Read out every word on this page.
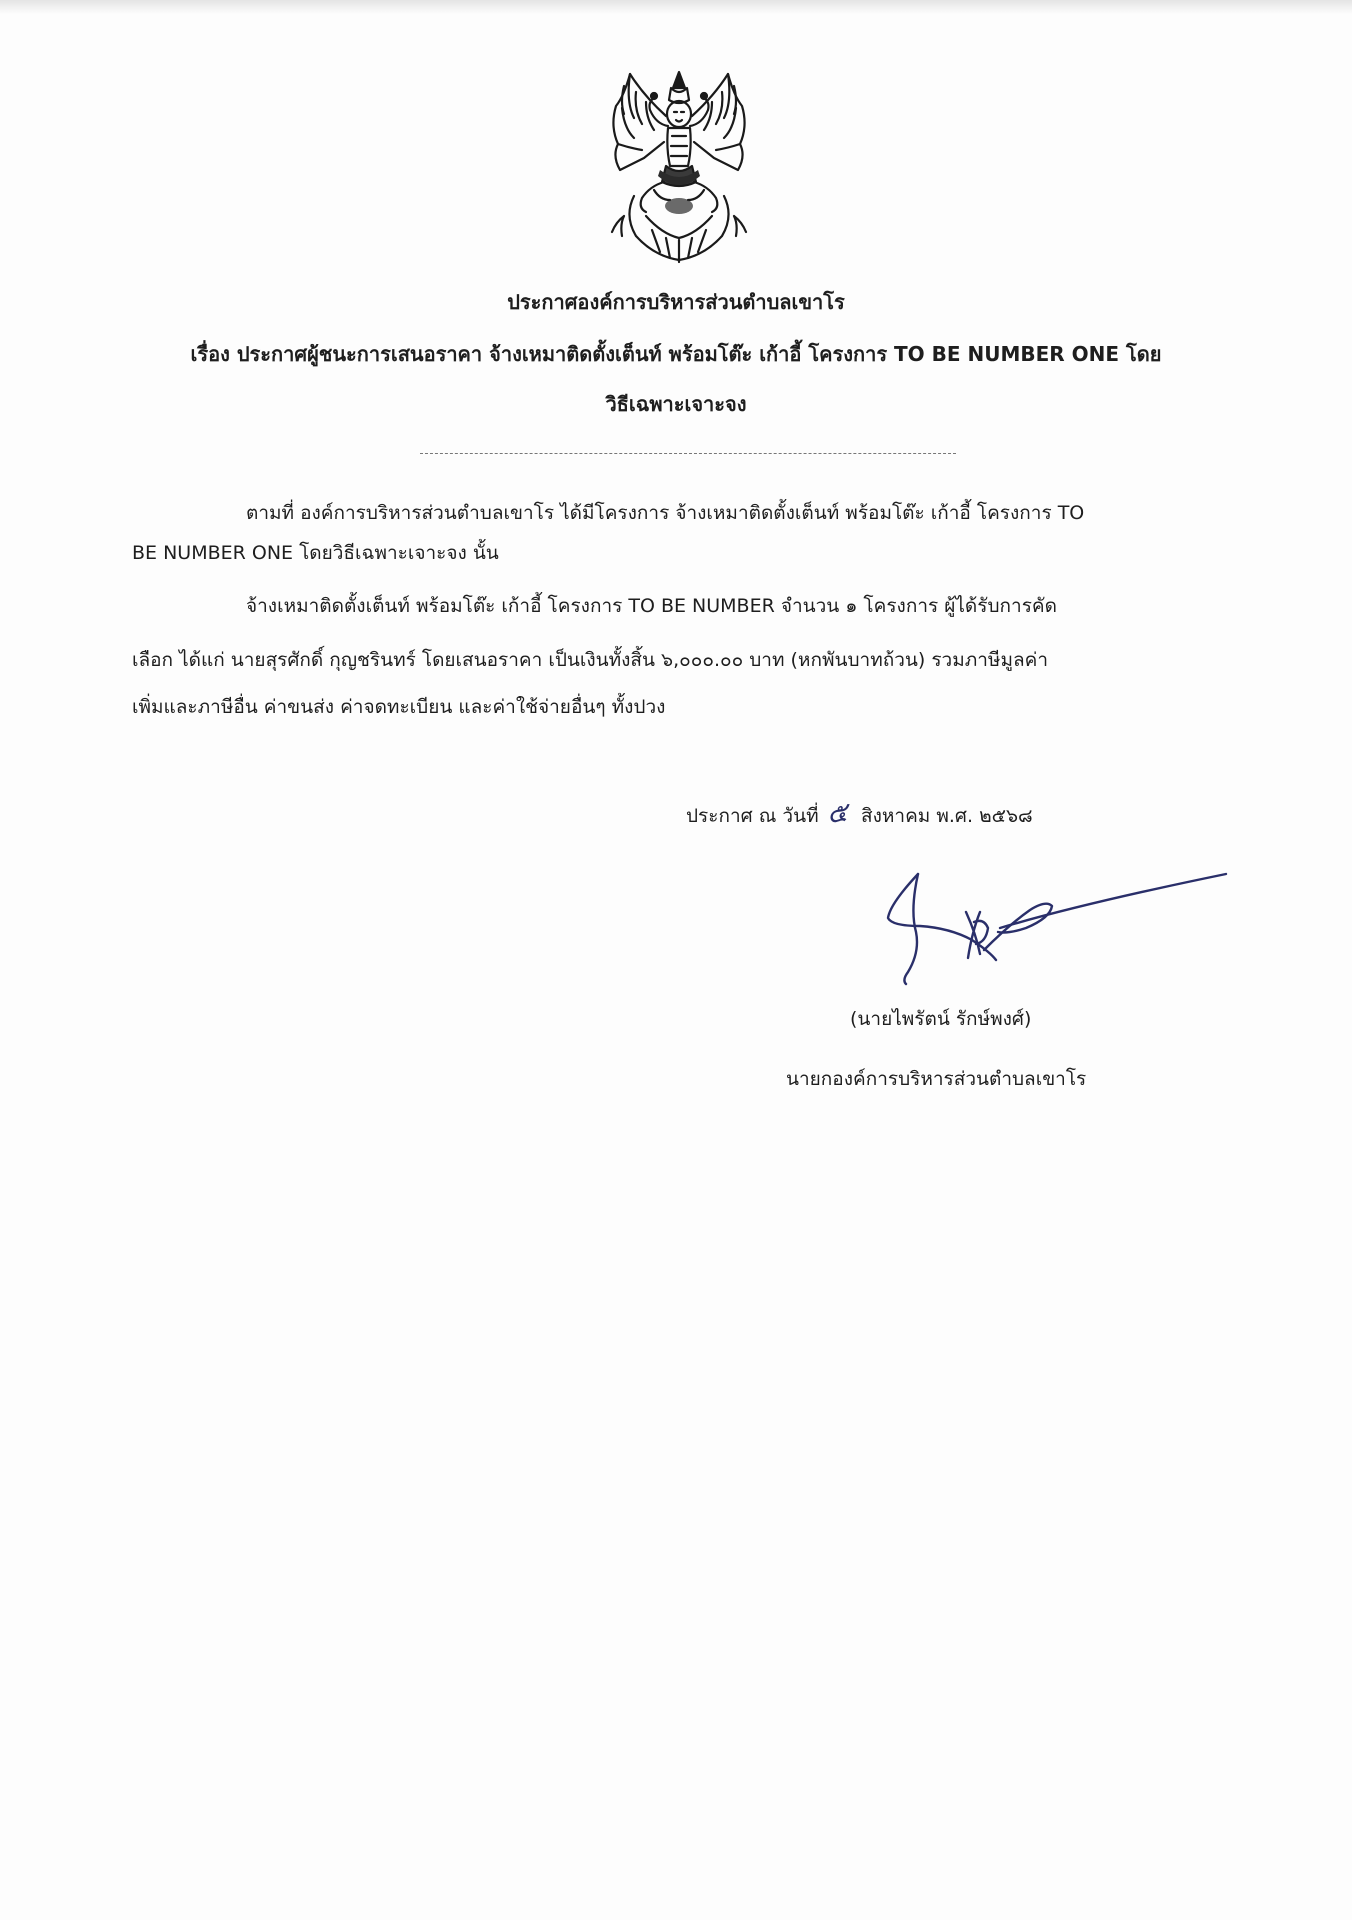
ประกาศองค์การบริหารส่วนตำบลเขาโร
เรื่อง ประกาศผู้ชนะการเสนอราคา จ้างเหมาติดตั้งเต็นท์ พร้อมโต๊ะ เก้าอี้ โครงการ TO BE NUMBER ONE โดย
วิธีเฉพาะเจาะจง
ตามที่ องค์การบริหารส่วนตำบลเขาโร ได้มีโครงการ จ้างเหมาติดตั้งเต็นท์ พร้อมโต๊ะ เก้าอี้ โครงการ TO
BE NUMBER ONE โดยวิธีเฉพาะเจาะจง นั้น
จ้างเหมาติดตั้งเต็นท์ พร้อมโต๊ะ เก้าอี้ โครงการ TO BE NUMBER จำนวน ๑ โครงการ ผู้ได้รับการคัด
เลือก ได้แก่ นายสุรศักดิ์ กุญชรินทร์ โดยเสนอราคา เป็นเงินทั้งสิ้น ๖,๐๐๐.๐๐ บาท (หกพันบาทถ้วน) รวมภาษีมูลค่า
เพิ่มและภาษีอื่น ค่าขนส่ง ค่าจดทะเบียน และค่าใช้จ่ายอื่นๆ ทั้งปวง
ประกาศ ณ วันที่ ๕ สิงหาคม พ.ศ. ๒๕๖๘
(นายไพรัตน์ รักษ์พงศ์)
นายกองค์การบริหารส่วนตำบลเขาโร
